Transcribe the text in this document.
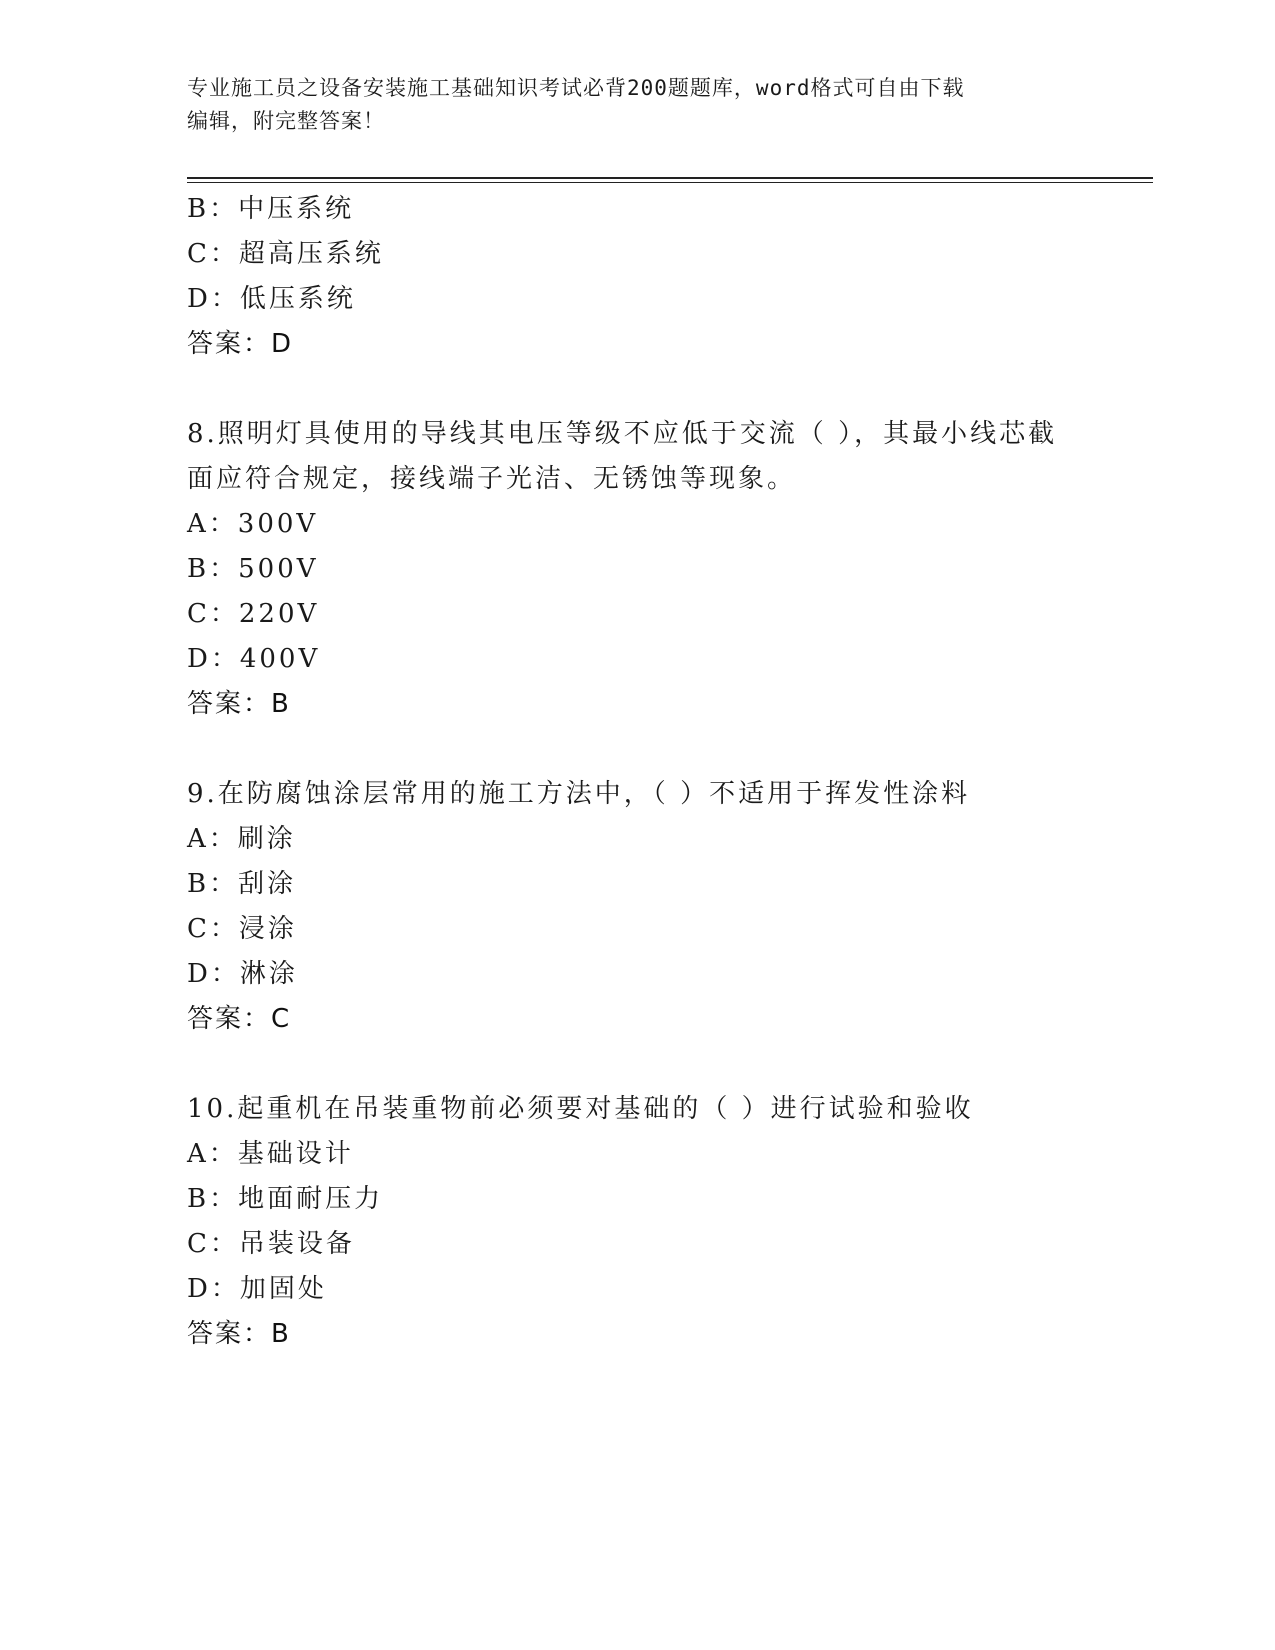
专业施工员之设备安装施工基础知识考试必背200题题库，word格式可自由下载
编辑，附完整答案！
B：中压系统
C：超高压系统
D：低压系统
答案：D
8.照明灯具使用的导线其电压等级不应低于交流（ ），其最小线芯截
面应符合规定，接线端子光洁、无锈蚀等现象。
A：300V
B：500V
C：220V
D：400V
答案：B
9.在防腐蚀涂层常用的施工方法中，（ ）不适用于挥发性涂料
A：刷涂
B：刮涂
C：浸涂
D：淋涂
答案：C
10.起重机在吊装重物前必须要对基础的（ ）进行试验和验收
A：基础设计
B：地面耐压力
C：吊装设备
D：加固处
答案：B
